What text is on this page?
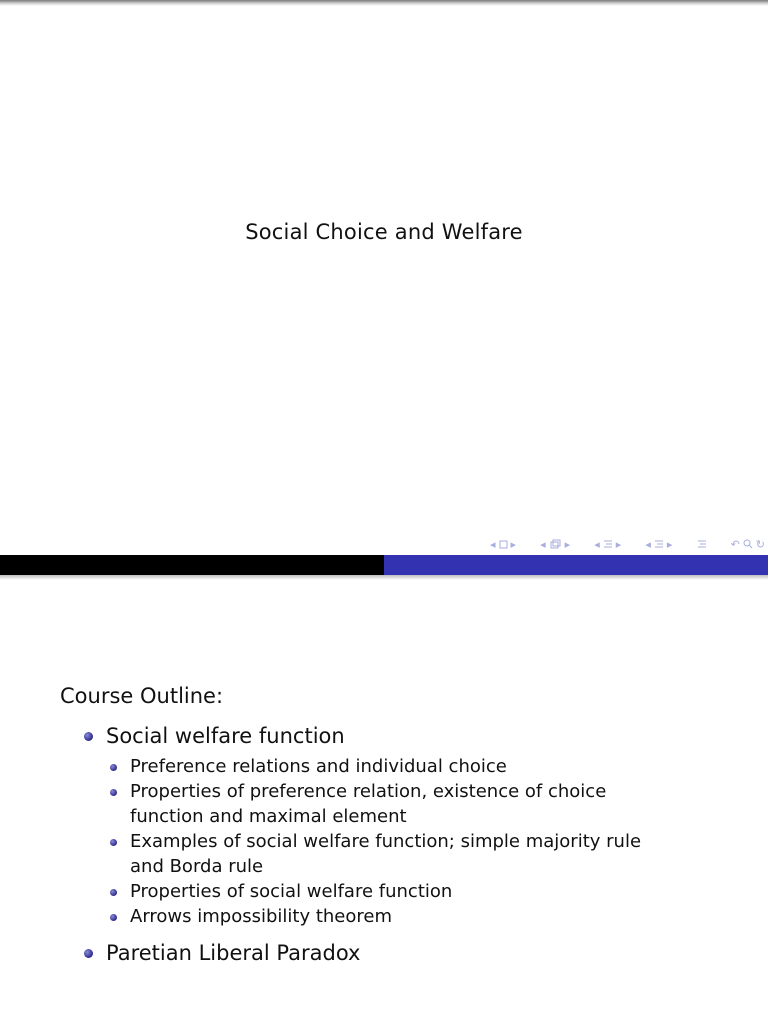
Social Choice and Welfare
◂ ▸ ◂ ▸ ◂ ▸ ◂ ▸	↶ ↻
Course Outline:
Social welfare function
Preference relations and individual choice
Properties of preference relation, existence of choice function and maximal element
Examples of social welfare function; simple majority rule and Borda rule
Properties of social welfare function
Arrows impossibility theorem
Paretian Liberal Paradox
